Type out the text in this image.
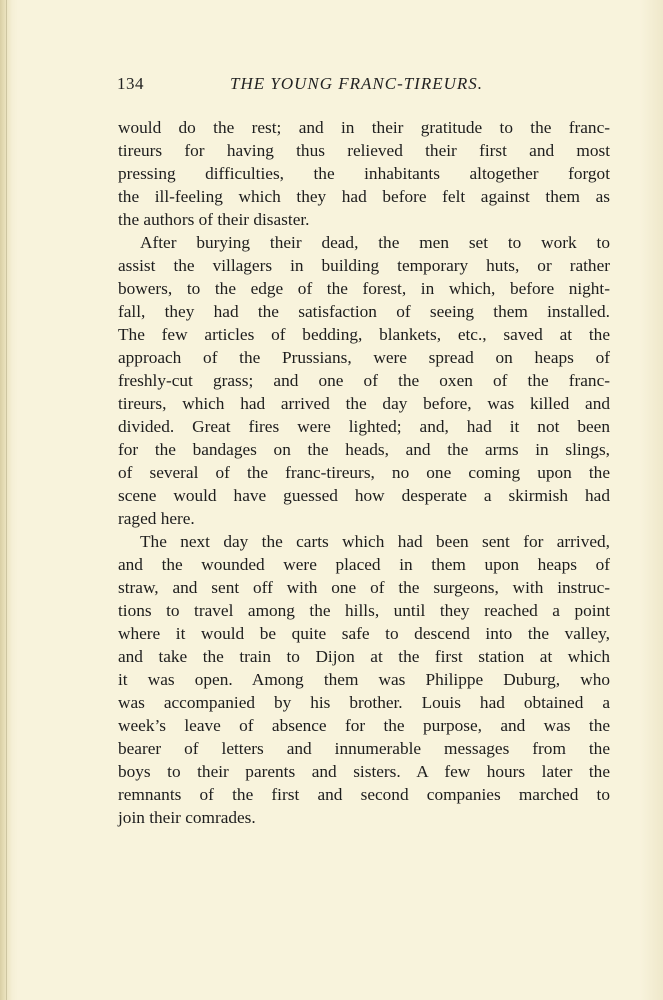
134	THE YOUNG FRANC-TIREURS.
would do the rest; and in their gratitude to the franc-
tireurs for having thus relieved their first and most
pressing difficulties, the inhabitants altogether forgot
the ill-feeling which they had before felt against them as
the authors of their disaster.
After burying their dead, the men set to work to
assist the villagers in building temporary huts, or rather
bowers, to the edge of the forest, in which, before night-
fall, they had the satisfaction of seeing them installed.
The few articles of bedding, blankets, etc., saved at the
approach of the Prussians, were spread on heaps of
freshly-cut grass; and one of the oxen of the franc-
tireurs, which had arrived the day before, was killed and
divided. Great fires were lighted; and, had it not been
for the bandages on the heads, and the arms in slings,
of several of the franc-tireurs, no one coming upon the
scene would have guessed how desperate a skirmish had
raged here.
The next day the carts which had been sent for arrived,
and the wounded were placed in them upon heaps of
straw, and sent off with one of the surgeons, with instruc-
tions to travel among the hills, until they reached a point
where it would be quite safe to descend into the valley,
and take the train to Dijon at the first station at which
it was open. Among them was Philippe Duburg, who
was accompanied by his brother. Louis had obtained a
week’s leave of absence for the purpose, and was the
bearer of letters and innumerable messages from the
boys to their parents and sisters. A few hours later the
remnants of the first and second companies marched to
join their comrades.
